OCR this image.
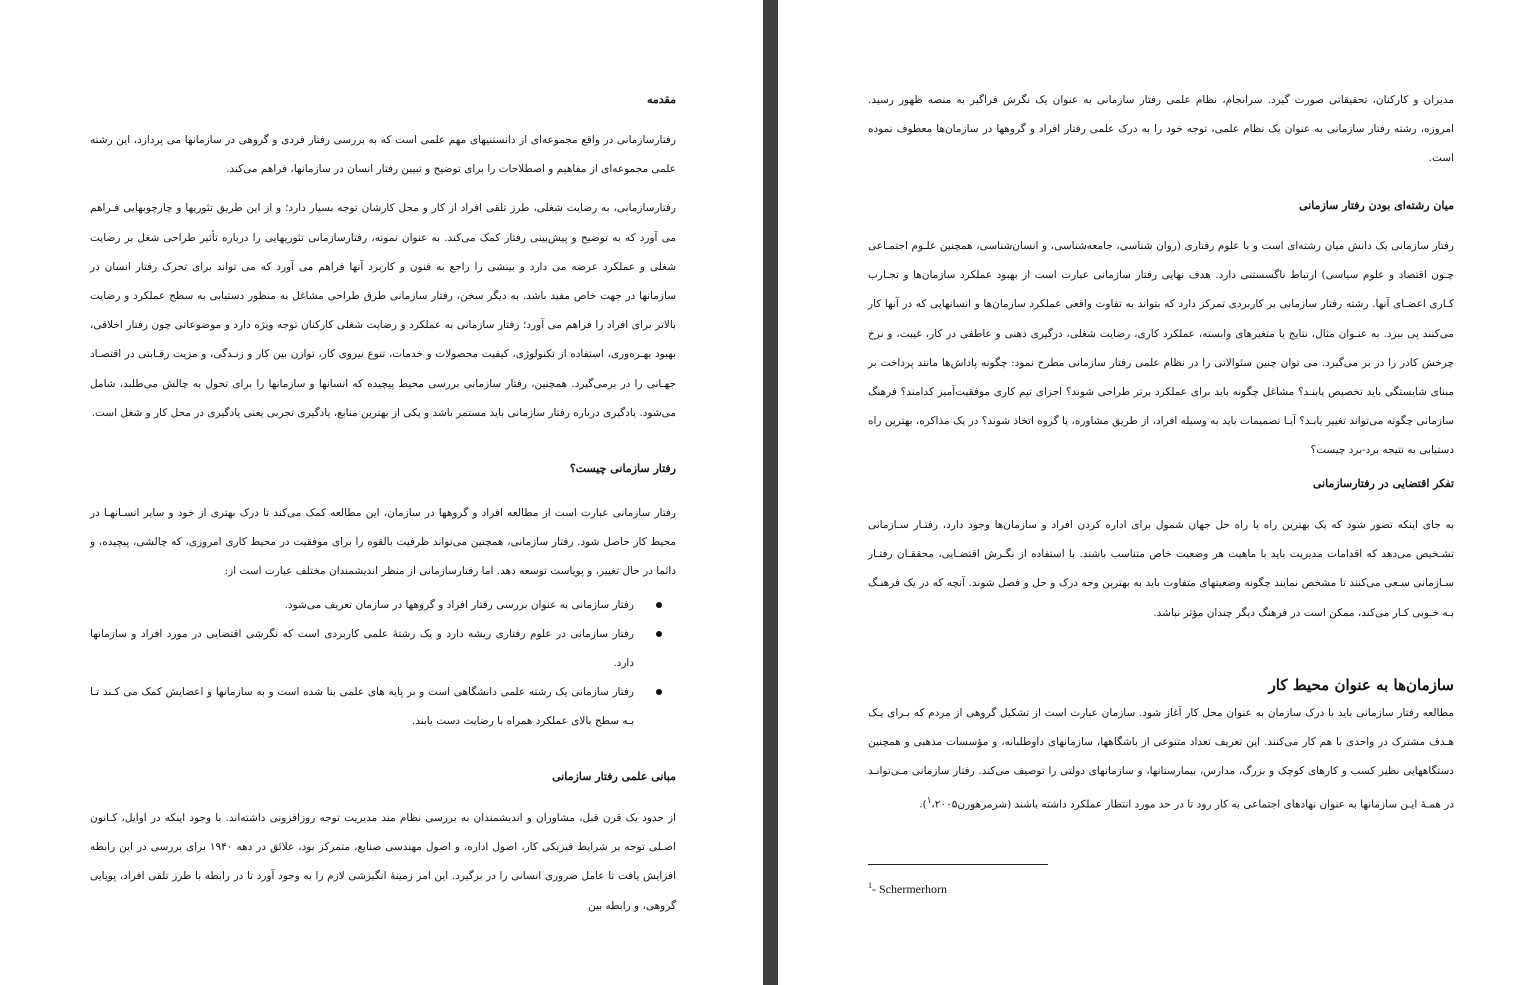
مقدمه

رفتارسازمانی در واقع مجموعه‌ای از دانستنیهای مهم علمی است که به بررسی رفتار فردی و گروهی در سازمانها می پردازد، این رشته علمی مجموعه‌ای از مفاهیم و اصطلاحات را برای توضیح و تبیین رفتار انسان در سازمانها، فراهم می‌کند.

رفتارسازمانی، به رضایت شغلی، طرز تلقی افراد از کار و محل کارشان توجه بسیار دارد؛ و از این طریق تئوریها و چارچوبهایی فـراهم می آورد که به توضیح و پیش‌بینی رفتار کمک می‌کند. به عنوان نمونه، رفتارسازمانی تئوریهایی را درباره تأثیر طراحی شغل بر رضایت شغلی و عملکرد عرضه می دارد و بینشی را راجع به فنون و کاربرد آنها فراهم می آورد که می تواند برای تحرک رفتار انسان در سازمانها در جهت خاص مفید باشد. به دیگر سخن، رفتار سازمانی طرق طراحی مشاغل به منظور دستیابی به سطح عملکرد و رضایت بالاتر برای افراد را فراهم می آورد؛ رفتار سازمانی به عملکرد و رضایت شغلی کارکنان توجه ویژه دارد و موضوعاتی چون رفتار اخلاقی، بهبود بهـره‌وری، استفاده از تکنولوژی، کیفیت محصولات و خدمات، تنوع نیروی کار، توازن بین کار و زنـدگی، و مزیت رقـابتی در اقتصـاد جهـانی را در برمی‌گیرد. همچنین، رفتار سازمانی بررسی محیط پیچیده که انسانها و سازمانها را برای تحول به چالش می‌طلبد، شامل می‌شود. یادگیری درباره رفتار سازمانی باید مستمر باشد و یکی از بهترین منابع، یادگیری تجربی یعنی یادگیری در محل کار و شغل است.

رفتار سازمانی چیست؟

رفتار سازمانی عبارت است از مطالعه افراد و گروهها در سازمان، این مطالعه کمک می‌کند تا درک بهتری از خود و سایر انسـانهـا در محیط کار حاصل شود. رفتار سازمانی، همچنین می‌تواند ظرفیت بالقوه را برای موفقیت در محیط کاری امروزی، که چالشی، پیچیده، و دائما در حال تغییر، و پویاست توسعه دهد. اما رفتارسازمانی از منظر اندیشمندان مختلف عبارت است از:

رفتار سازمانی به عنوان بررسی رفتار افراد و گروهها در سازمان تعریف می‌شود.
رفتار سازمانی در علوم رفتاری ریشه دارد و یک رشتهٔ علمی کاربردی است که نگرشی اقتضایی در مورد افراد و سازمانها دارد.
رفتار سازمانی یک رشته علمی دانشگاهی است و بر پایه های علمی بنا شده است و به سازمانها و اعضایش کمک می کـند تـا بـه سطح بالای عملکرد همراه با رضایت دست یابند.
مبانی علمی رفتار سازمانی

از حدود یک قرن قبل، مشاوران و اندیشمندان به بررسی نظام مند مدیریت توجه روزافزونی داشته‌اند. با وجود اینکه در اوایل، کـانون اصـلی توجه بر شرایط فیزیکی کار، اصول اداره، و اصول مهندسی صنایع، متمرکز بود، علائق در دهه ۱۹۴۰ برای بررسی در این رابطه افزایش یافت تا عامل ضروری انسانی را در برگیرد. این امر زمینهٔ انگیزشی لازم را به وجود آورد تا در رابطه با طرز تلقی افراد، پویایی گروهی، و رابطه بین

مدیران و کارکنان، تحقیقاتی صورت گیرد. سرانجام، نظام علمی رفتار سازمانی به عنوان یک نگرش فراگیر به منصه ظهور رسید. امروزه، رشته رفتار سازمانی به عنوان یک نظام علمی، توجه خود را به درک علمی رفتار افراد و گروهها در سازمان‌ها معطوف نموده است.

میان رشته‌ای بودن رفتار سازمانی

رفتار سازمانی یک دانش میان رشته‌ای است و با علوم رفتاری (روان شناسی، جامعه‌شناسی، و انسان‌شناسی، همچنین علـوم اجتمـاعی چـون اقتصاد و علوم سیاسی) ارتباط ناگسستنی دارد. هدف نهایی رفتار سازمانی عبارت است از بهبود عملکرد سازمان‌ها و تجـارب کـاری اعضـای آنها. رشته رفتار سازمانی بر کاربردی تمرکز دارد که بتواند به تفاوت واقعی عملکرد سازمان‌ها و انسانهایی که در آنها کار می‌کنند پی ببرد. به عنـوان مثال، نتایج یا متغیرهای وابسته، عملکرد کاری، رضایت شغلی، درگیری ذهنی و عاطفی در کار، غیبت، و نرخ چرخش کادر را در بر می‌گیرد. می توان چنین سئوالاتی را در نظام علمی رفتار سازمانی مطرح نمود: چگونه پاداش‌ها مانند پرداخت بر مبنای شایستگی باید تخصیص یابنـد؟ مشاغل چگونه باید برای عملکرد برتر طراحی شوند؟ اجزای تیم کاری موفقیت‌آمیز کدامند؟ فرهنگ سازمانی چگونه می‌تواند تغییر یابـد؟ آیـا تصمیمات باید به وسیله افراد، از طریق مشاوره، یا گروه اتخاذ شوند؟ در یک مذاکره، بهترین راه دستیابی به نتیجه برد-برد چیست؟

تفکر اقتضایی در رفتارسازمانی

به جای اینکه تصور شود که یک بهترین راه یا راه حل جهان شمول برای اداره کردن افراد و سازمان‌ها وجود دارد، رفتـار سـازمانی تشـخیص می‌دهد که اقدامات مدیریت باید با ماهیت هر وضعیت خاص متناسب باشند. با استفاده از نگـرش اقتضـایی، محققـان رفتـار سـازمانی سـعی می‌کنند تا مشخص نمایند چگونه وضعیتهای متفاوت باید به بهترین وجه درک و حل و فصل شوند. آنچه که در یک فرهنـگ بـه خـوبی کـار می‌کند، ممکن است در فرهنگ دیگر چندان مؤثر نباشد.

سازمان‌ها به عنوان محیط کار

مطالعه رفتار سازمانی باید با درک سازمان به عنوان محل کار آغاز شود. سازمان عبارت است از تشکیل گروهی از مردم که بـرای یـک هـدف مشترک در واحدی با هم کار می‌کنند. این تعریف تعداد متنوعی از باشگاهها، سازمانهای داوطلبانه، و مؤسسات مذهبی و همچنین دستگاههایی نظیر کسب و کارهای کوچک و بزرگ، مدارس، بیمارستانها، و سازمانهای دولتی را توصیف می‌کند. رفتار سازمانی مـی‌توانـد در همـهٔ ایـن سازمانها به عنوان نهادهای اجتماعی به کار رود تا در حد مورد انتظار عملکرد داشته باشند (شرمرهورن$^۱$،۲۰۰۵).

$^1$- Schermerhorn
